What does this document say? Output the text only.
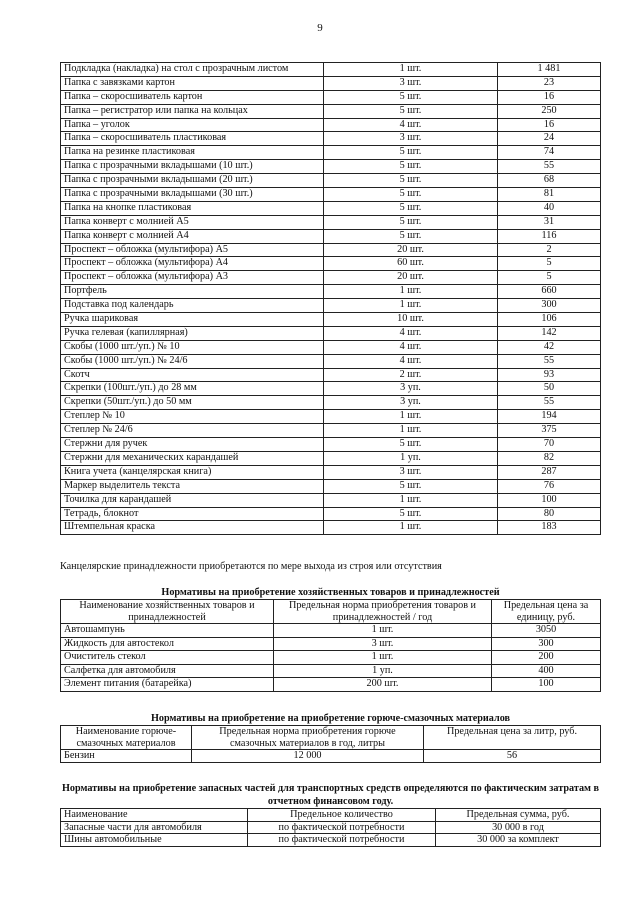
9
Подкладка (накладка) на стол с прозрачным листом	1 шт.	1 481
Папка с завязками картон	3 шт.	23
Папка – скоросшиватель картон	5 шт.	16
Папка – регистратор или папка на кольцах	5 шт.	250
Папка – уголок	4 шт.	16
Папка – скоросшиватель пластиковая	3 шт.	24
Папка на резинке пластиковая	5 шт.	74
Папка с прозрачными вкладышами (10 шт.)	5 шт.	55
Папка с прозрачными вкладышами (20 шт.)	5 шт.	68
Папка с прозрачными вкладышами (30 шт.)	5 шт.	81
Папка на кнопке пластиковая	5 шт.	40
Папка конверт с молнией А5	5 шт.	31
Папка конверт с молнией А4	5 шт.	116
Проспект – обложка (мультифора) А5	20 шт.	2
Проспект – обложка (мультифора) А4	60 шт.	5
Проспект – обложка (мультифора) А3	20 шт.	5
Портфель	1 шт.	660
Подставка под календарь	1 шт.	300
Ручка шариковая	10 шт.	106
Ручка гелевая (капиллярная)	4 шт.	142
Скобы (1000 шт./уп.) № 10	4 шт.	42
Скобы (1000 шт./уп.) № 24/6	4 шт.	55
Скотч	2 шт.	93
Скрепки (100шт./уп.) до 28 мм	3 уп.	50
Скрепки (50шт./уп.) до 50 мм	3 уп.	55
Степлер № 10	1 шт.	194
Степлер № 24/6	1 шт.	375
Стержни для ручек	5 шт.	70
Стержни для механических карандашей	1 уп.	82
Книга учета (канцелярская книга)	3 шт.	287
Маркер выделитель текста	5 шт.	76
Точилка для карандашей	1 шт.	100
Тетрадь, блокнот	5 шт.	80
Штемпельная краска	1 шт.	183
Канцелярские принадлежности приобретаются по мере выхода из строя или отсутствия
Нормативы на приобретение хозяйственных товаров и принадлежностей
Наименование хозяйственных товаров и принадлежностей	Предельная норма приобретения товаров и принадлежностей / год	Предельная цена за единицу, руб.
Автошампунь	1 шт.	3050
Жидкость для автостекол	3 шт.	300
Очиститель стекол	1 шт.	200
Салфетка для автомобиля	1 уп.	400
Элемент питания (батарейка)	200 шт.	100
Нормативы на приобретение на приобретение горюче-смазочных материалов
Наименование горюче-смазочных материалов	Предельная норма приобретения горюче смазочных материалов в год, литры	Предельная цена за литр, руб.
Бензин	12 000	56
Нормативы на приобретение запасных частей для транспортных средств определяются по фактическим затратам в отчетном финансовом году.
Наименование	Предельное количество	Предельная сумма, руб.
Запасные части для автомобиля	по фактической потребности	30 000 в год
Шины автомобильные	по фактической потребности	30 000 за комплект
